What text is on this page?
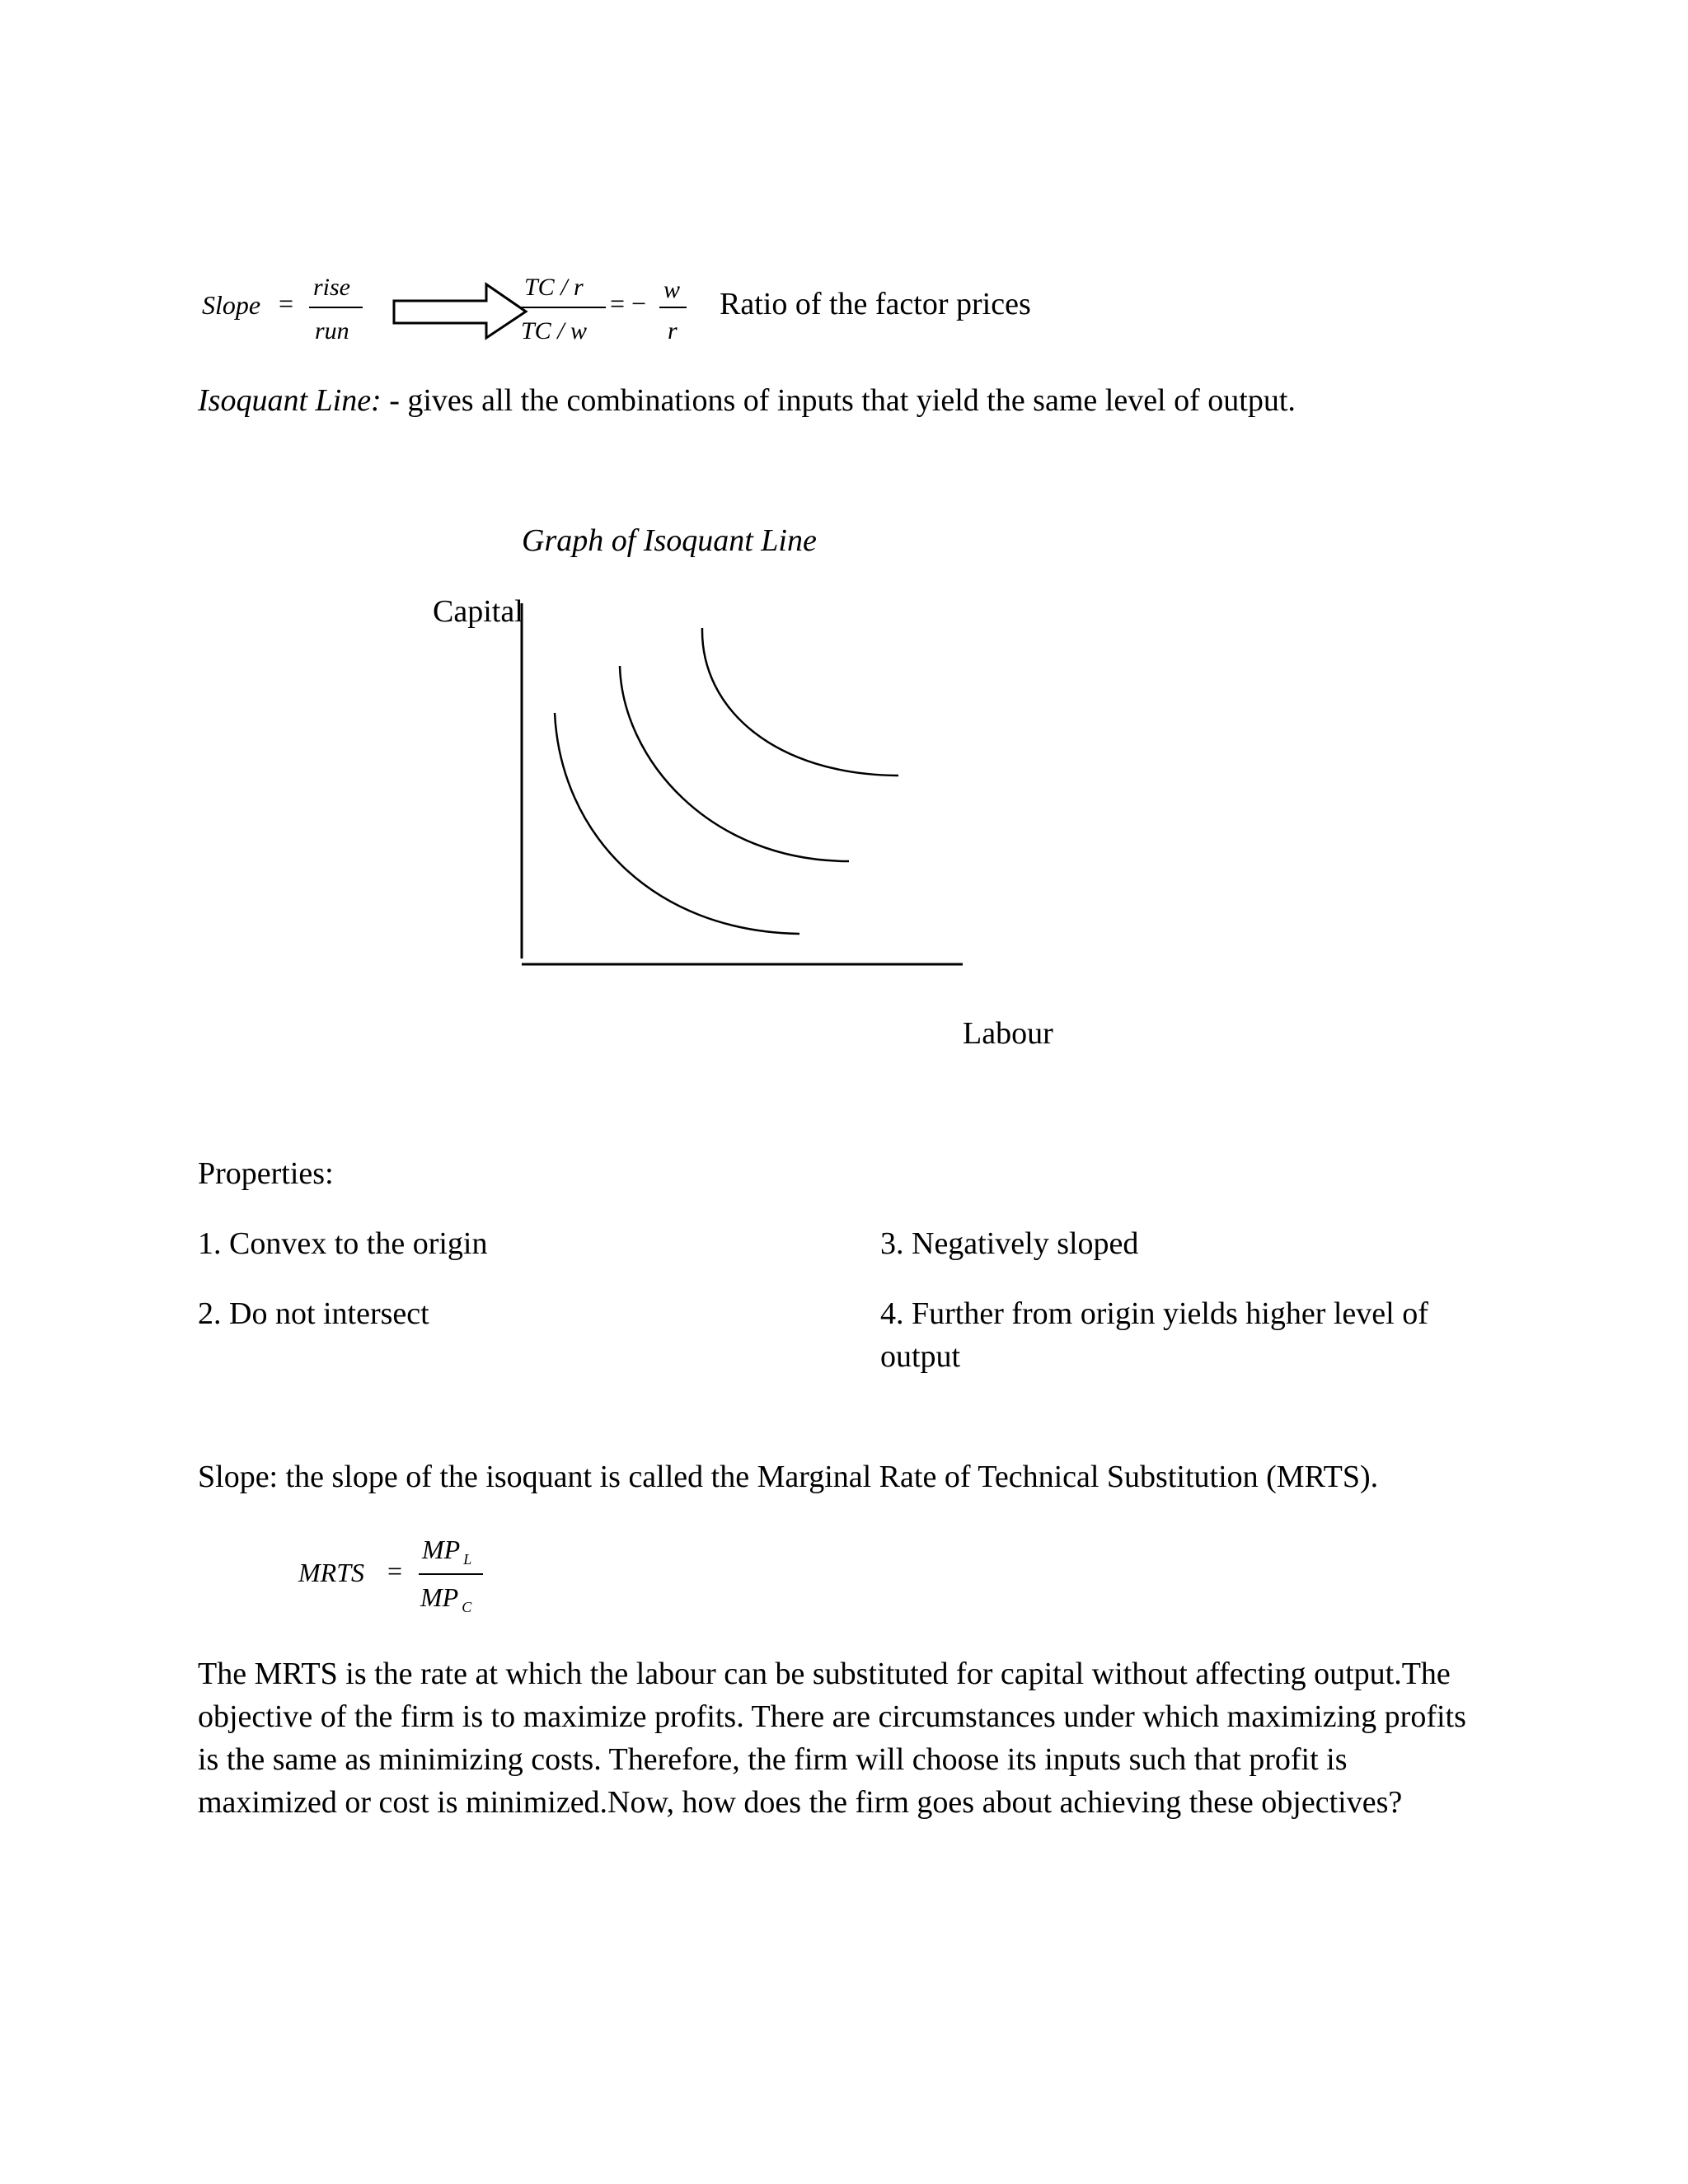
Slope =
rise
run
TC / r
TC / w
= − w
r
Ratio of the factor prices
Isoquant Line: - gives all the combinations of inputs that yield the same level of output.
Graph of Isoquant Line
Capital
Labour
Properties:
1. Convex to the origin
2. Do not intersect
3. Negatively sloped
4. Further from origin yields higher level of
output
Slope: the slope of the isoquant is called the Marginal Rate of Technical Substitution (MRTS).
MRTS =
MP $_L$
MP $_C$
The MRTS is the rate at which the labour can be substituted for capital without affecting output.The objective of the firm is to maximize profits. There are circumstances under which maximizing profits is the same as minimizing costs. Therefore, the firm will choose its inputs such that profit is maximized or cost is minimized.Now, how does the firm goes about achieving these objectives?
